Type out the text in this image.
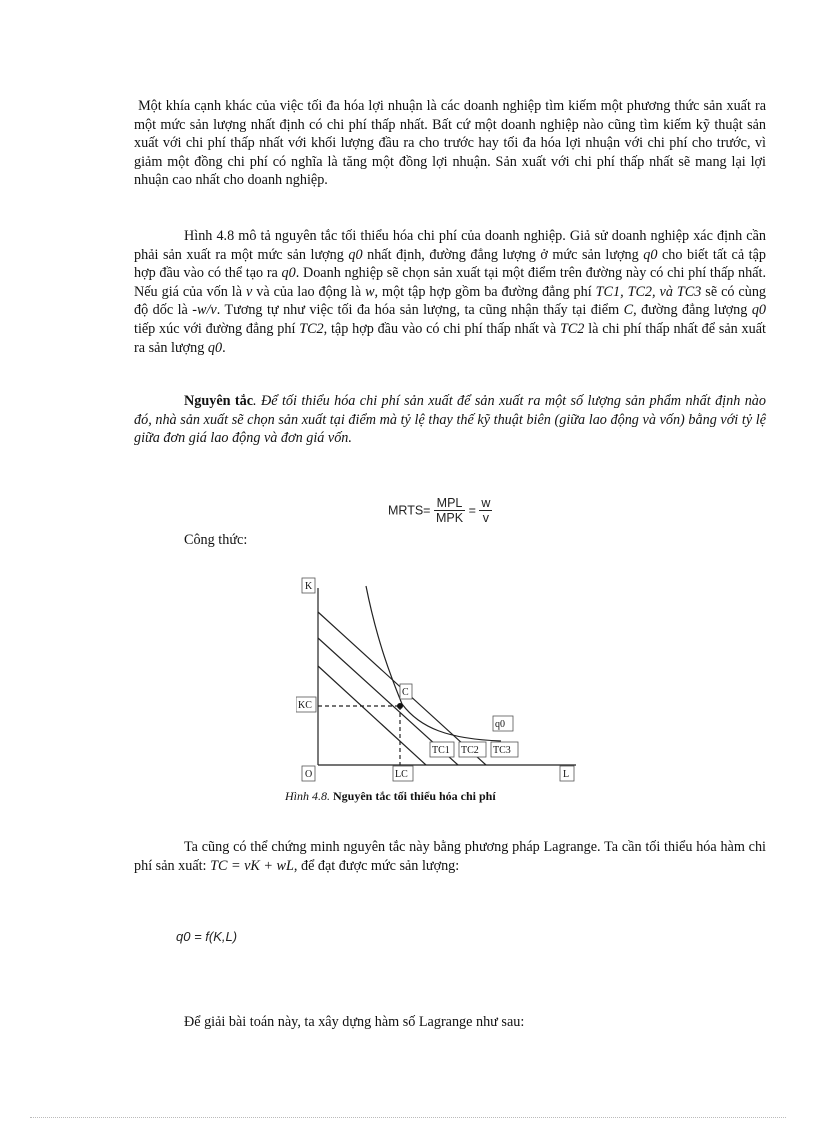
Một khía cạnh khác của việc tối đa hóa lợi nhuận là các doanh nghiệp tìm kiếm một phương thức sản xuất ra một mức sản lượng nhất định có chi phí thấp nhất. Bất cứ một doanh nghiệp nào cũng tìm kiếm kỹ thuật sản xuất với chi phí thấp nhất với khối lượng đầu ra cho trước hay tối đa hóa lợi nhuận với chi phí cho trước, vì giảm một đồng chi phí có nghĩa là tăng một đồng lợi nhuận. Sản xuất với chi phí thấp nhất sẽ mang lại lợi nhuận cao nhất cho doanh nghiệp.

Hình 4.8 mô tả nguyên tắc tối thiểu hóa chi phí của doanh nghiệp. Giả sử doanh nghiệp xác định cần phải sản xuất ra một mức sản lượng q0 nhất định, đường đẳng lượng ở mức sản lượng q0 cho biết tất cả tập hợp đầu vào có thể tạo ra q0. Doanh nghiệp sẽ chọn sản xuất tại một điểm trên đường này có chi phí thấp nhất. Nếu giá của vốn là v và của lao động là w, một tập hợp gồm ba đường đẳng phí TC1, TC2, và TC3 sẽ có cùng độ dốc là -w/v. Tương tự như việc tối đa hóa sản lượng, ta cũng nhận thấy tại điểm C, đường đẳng lượng q0 tiếp xúc với đường đẳng phí TC2, tập hợp đầu vào có chi phí thấp nhất và TC2 là chi phí thấp nhất để sản xuất ra sản lượng q0.

Nguyên tắc. Để tối thiểu hóa chi phí sản xuất để sản xuất ra một số lượng sản phẩm nhất định nào đó, nhà sản xuất sẽ chọn sản xuất tại điểm mà tỷ lệ thay thế kỹ thuật biên (giữa lao động và vốn) bằng với tỷ lệ giữa đơn giá lao động và đơn giá vốn.

MRTS= $\frac{\text{MPL}}{\text{MPK}} = \frac{w}{v}$

Công thức:

K
KC
O	LC	L
C
q0
TC1 TC2 TC3
Hình 4.8. Nguyên tắc tối thiểu hóa chi phí

Ta cũng có thể chứng minh nguyên tắc này bằng phương pháp Lagrange. Ta cần tối thiểu hóa hàm chi phí sản xuất: TC = vK + wL, để đạt được mức sản lượng:

q0 = f(K,L)

Để giải bài toán này, ta xây dựng hàm số Lagrange như sau:
